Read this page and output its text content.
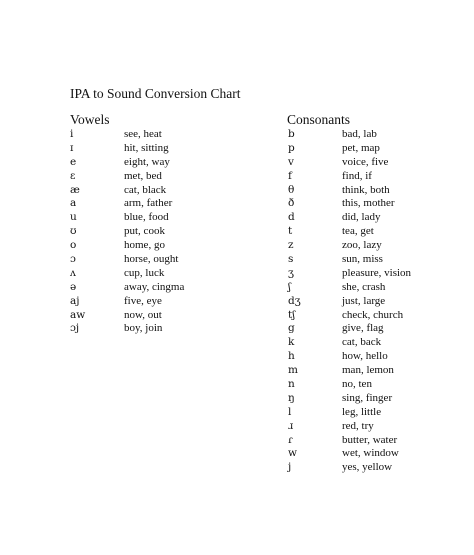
IPA to Sound Conversion Chart
Vowels	Consonants
i	see, heat
ɪ	hit, sitting
e	eight, way
ɛ	met, bed
æ	cat, black
a	arm, father
u	blue, food
ʊ	put, cook
o	home, go
ɔ	horse, ought
ʌ	cup, luck
ə	away, cingma
aj	five, eye
aw	now, out
ɔj	boy, join
b	bad, lab
p	pet, map
v	voice, five
f	find, if
θ	think, both
ð	this, mother
d	did, lady
t	tea, get
z	zoo, lazy
s	sun, miss
ʒ	pleasure, vision
ʃ	she, crash
dʒ	just, large
tʃ	check, church
g	give, flag
k	cat, back
h	how, hello
m	man, lemon
n	no, ten
ŋ	sing, finger
l	leg, little
ɹ	red, try
ɾ	butter, water
w	wet, window
j	yes, yellow
